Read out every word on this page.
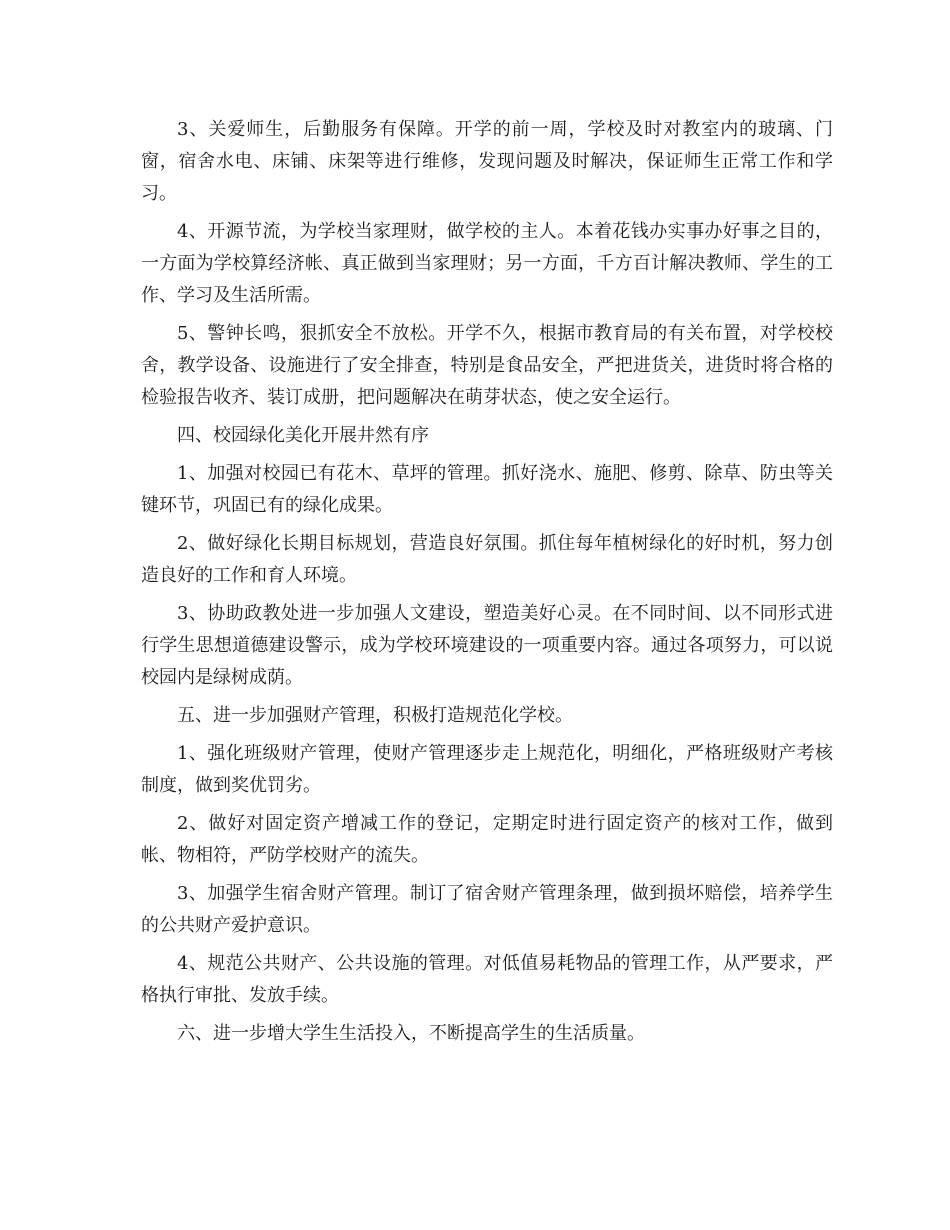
3、关爱师生，后勤服务有保障。开学的前一周，学校及时对教室内的玻璃、门窗，宿舍水电、床铺、床架等进行维修，发现问题及时解决，保证师生正常工作和学习。

4、开源节流，为学校当家理财，做学校的主人。本着花钱办实事办好事之目的，一方面为学校算经济帐、真正做到当家理财；另一方面，千方百计解决教师、学生的工作、学习及生活所需。

5、警钟长鸣，狠抓安全不放松。开学不久，根据市教育局的有关布置，对学校校舍，教学设备、设施进行了安全排查，特别是食品安全，严把进货关，进货时将合格的检验报告收齐、装订成册，把问题解决在萌芽状态，使之安全运行。

四、校园绿化美化开展井然有序

1、加强对校园已有花木、草坪的管理。抓好浇水、施肥、修剪、除草、防虫等关键环节，巩固已有的绿化成果。

2、做好绿化长期目标规划，营造良好氛围。抓住每年植树绿化的好时机，努力创造良好的工作和育人环境。

3、协助政教处进一步加强人文建设，塑造美好心灵。在不同时间、以不同形式进行学生思想道德建设警示，成为学校环境建设的一项重要内容。通过各项努力，可以说校园内是绿树成荫。

五、进一步加强财产管理，积极打造规范化学校。

1、强化班级财产管理，使财产管理逐步走上规范化，明细化，严格班级财产考核制度，做到奖优罚劣。

2、做好对固定资产增减工作的登记，定期定时进行固定资产的核对工作，做到帐、物相符，严防学校财产的流失。

3、加强学生宿舍财产管理。制订了宿舍财产管理条理，做到损坏赔偿，培养学生的公共财产爱护意识。

4、规范公共财产、公共设施的管理。对低值易耗物品的管理工作，从严要求，严格执行审批、发放手续。

六、进一步增大学生生活投入，不断提高学生的生活质量。
